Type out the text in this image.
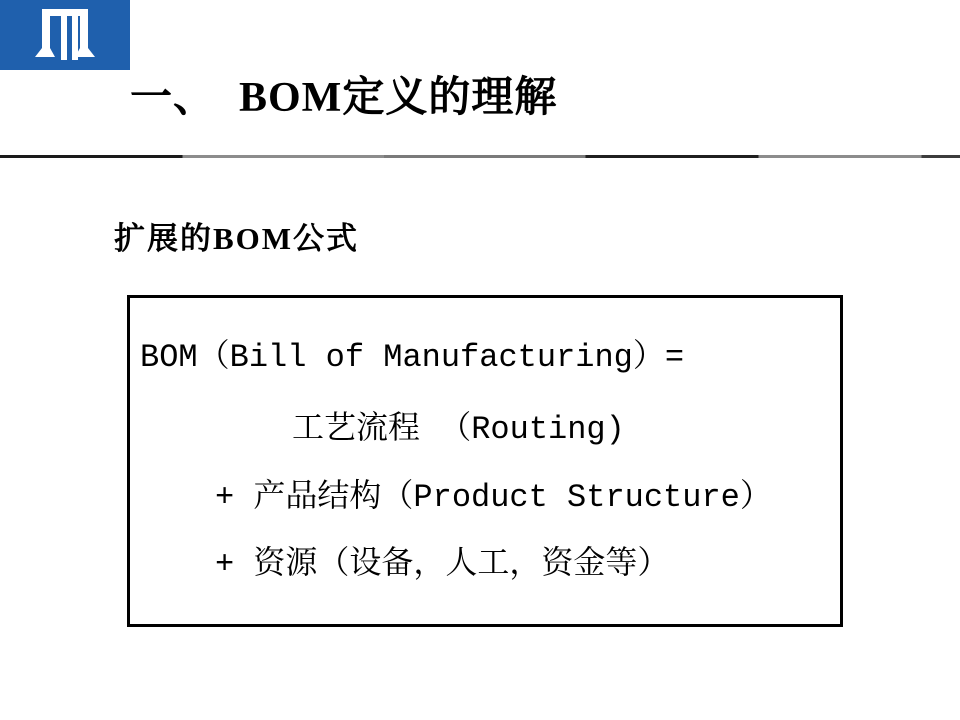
一、  BOM定义的理解
扩展的BOM公式
BOM（Bill of Manufacturing）=
工艺流程 （Routing)
+ 产品结构（Product Structure）
+ 资源（设备，人工，资金等）
